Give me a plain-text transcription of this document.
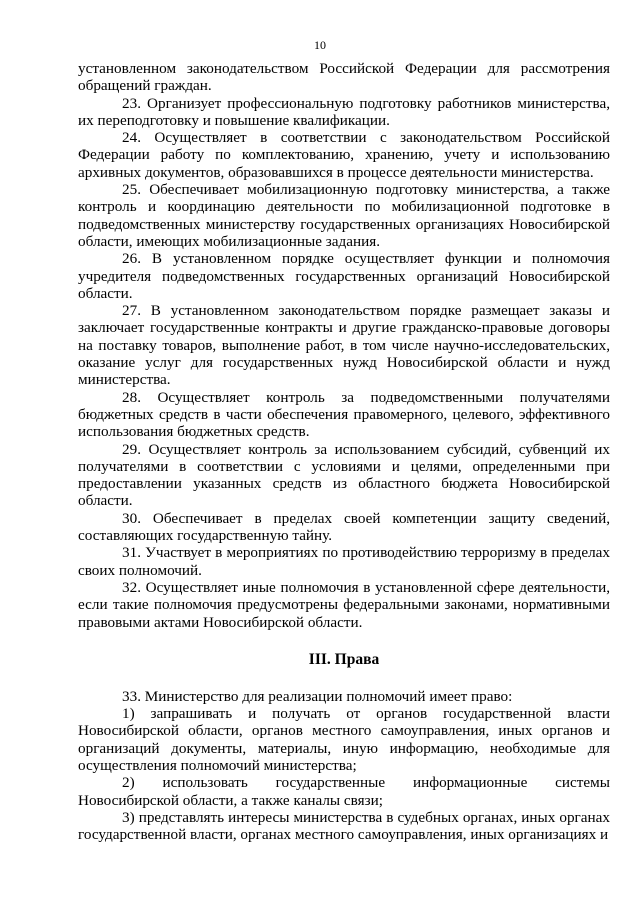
10

установленном законодательством Российской Федерации для рассмотрения обращений граждан.

23. Организует профессиональную подготовку работников министерства, их переподготовку и повышение квалификации.

24. Осуществляет в соответствии с законодательством Российской Федерации работу по комплектованию, хранению, учету и использованию архивных документов, образовавшихся в процессе деятельности министерства.

25. Обеспечивает мобилизационную подготовку министерства, а также контроль и координацию деятельности по мобилизационной подготовке в подведомственных министерству государственных организациях Новосибирской области, имеющих мобилизационные задания.

26. В установленном порядке осуществляет функции и полномочия учредителя подведомственных государственных организаций Новосибирской области.

27. В установленном законодательством порядке размещает заказы и заключает государственные контракты и другие гражданско-правовые договоры на поставку товаров, выполнение работ, в том числе научно-исследовательских, оказание услуг для государственных нужд Новосибирской области и нужд министерства.

28. Осуществляет контроль за подведомственными получателями бюджетных средств в части обеспечения правомерного, целевого, эффективного использования бюджетных средств.

29. Осуществляет контроль за использованием субсидий, субвенций их получателями в соответствии с условиями и целями, определенными при предоставлении указанных средств из областного бюджета Новосибирской области.

30. Обеспечивает в пределах своей компетенции защиту сведений, составляющих государственную тайну.

31. Участвует в мероприятиях по противодействию терроризму в пределах своих полномочий.

32. Осуществляет иные полномочия в установленной сфере деятельности, если такие полномочия предусмотрены федеральными законами, нормативными правовыми актами Новосибирской области.

III. Права

33. Министерство для реализации полномочий имеет право:

1) запрашивать и получать от органов государственной власти Новосибирской области, органов местного самоуправления, иных органов и организаций документы, материалы, иную информацию, необходимые для осуществления полномочий министерства;

2) использовать государственные информационные системы Новосибирской области, а также каналы связи;

3) представлять интересы министерства в судебных органах, иных органах государственной власти, органах местного самоуправления, иных организациях и
